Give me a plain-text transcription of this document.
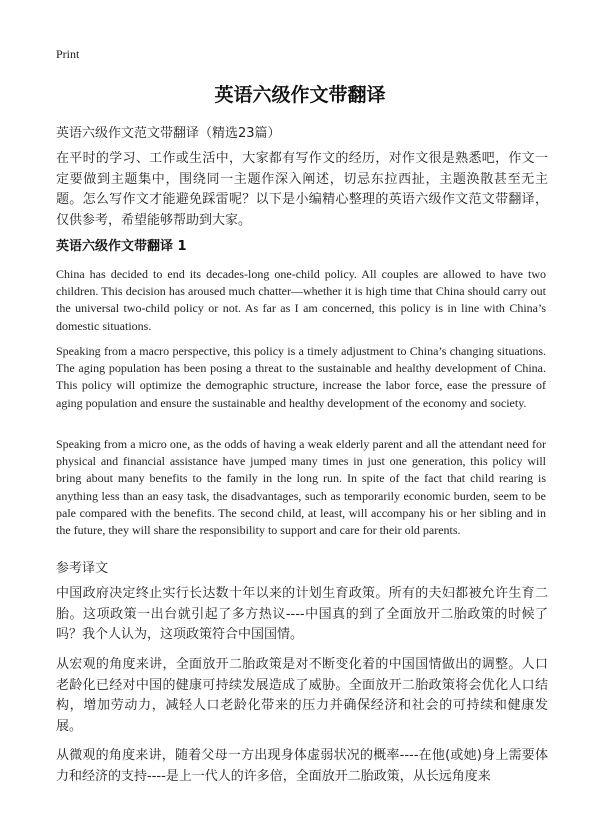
Print
英语六级作文带翻译
英语六级作文范文带翻译（精选23篇）
在平时的学习、工作或生活中，大家都有写作文的经历，对作文很是熟悉吧，作文一定要做到主题集中，围绕同一主题作深入阐述，切忌东拉西扯，主题涣散甚至无主题。怎么写作文才能避免踩雷呢？以下是小编精心整理的英语六级作文范文带翻译，仅供参考，希望能够帮助到大家。
英语六级作文带翻译 1
China has decided to end its decades-long one-child policy. All couples are allowed to have two children. This decision has aroused much chatter—whether it is high time that China should carry out the universal two-child policy or not. As far as I am concerned, this policy is in line with China’s domestic situations.
Speaking from a macro perspective, this policy is a timely adjustment to China’s changing situations. The aging population has been posing a threat to the sustainable and healthy development of China. This policy will optimize the demographic structure, increase the labor force, ease the pressure of aging population and ensure the sustainable and healthy development of the economy and society.
Speaking from a micro one, as the odds of having a weak elderly parent and all the attendant need for physical and financial assistance have jumped many times in just one generation, this policy will bring about many benefits to the family in the long run. In spite of the fact that child rearing is anything less than an easy task, the disadvantages, such as temporarily economic burden, seem to be pale compared with the benefits. The second child, at least, will accompany his or her sibling and in the future, they will share the responsibility to support and care for their old parents.
参考译文
中国政府决定终止实行长达数十年以来的计划生育政策。所有的夫妇都被允许生育二胎。这项政策一出台就引起了多方热议----中国真的到了全面放开二胎政策的时候了吗？我个人认为，这项政策符合中国国情。
从宏观的角度来讲，全面放开二胎政策是对不断变化着的中国国情做出的调整。人口老龄化已经对中国的健康可持续发展造成了威胁。全面放开二胎政策将会优化人口结构，增加劳动力，减轻人口老龄化带来的压力并确保经济和社会的可持续和健康发展。
从微观的角度来讲，随着父母一方出现身体虚弱状况的概率----在他(或她)身上需要体力和经济的支持----是上一代人的许多倍，全面放开二胎政策，从长远角度来
